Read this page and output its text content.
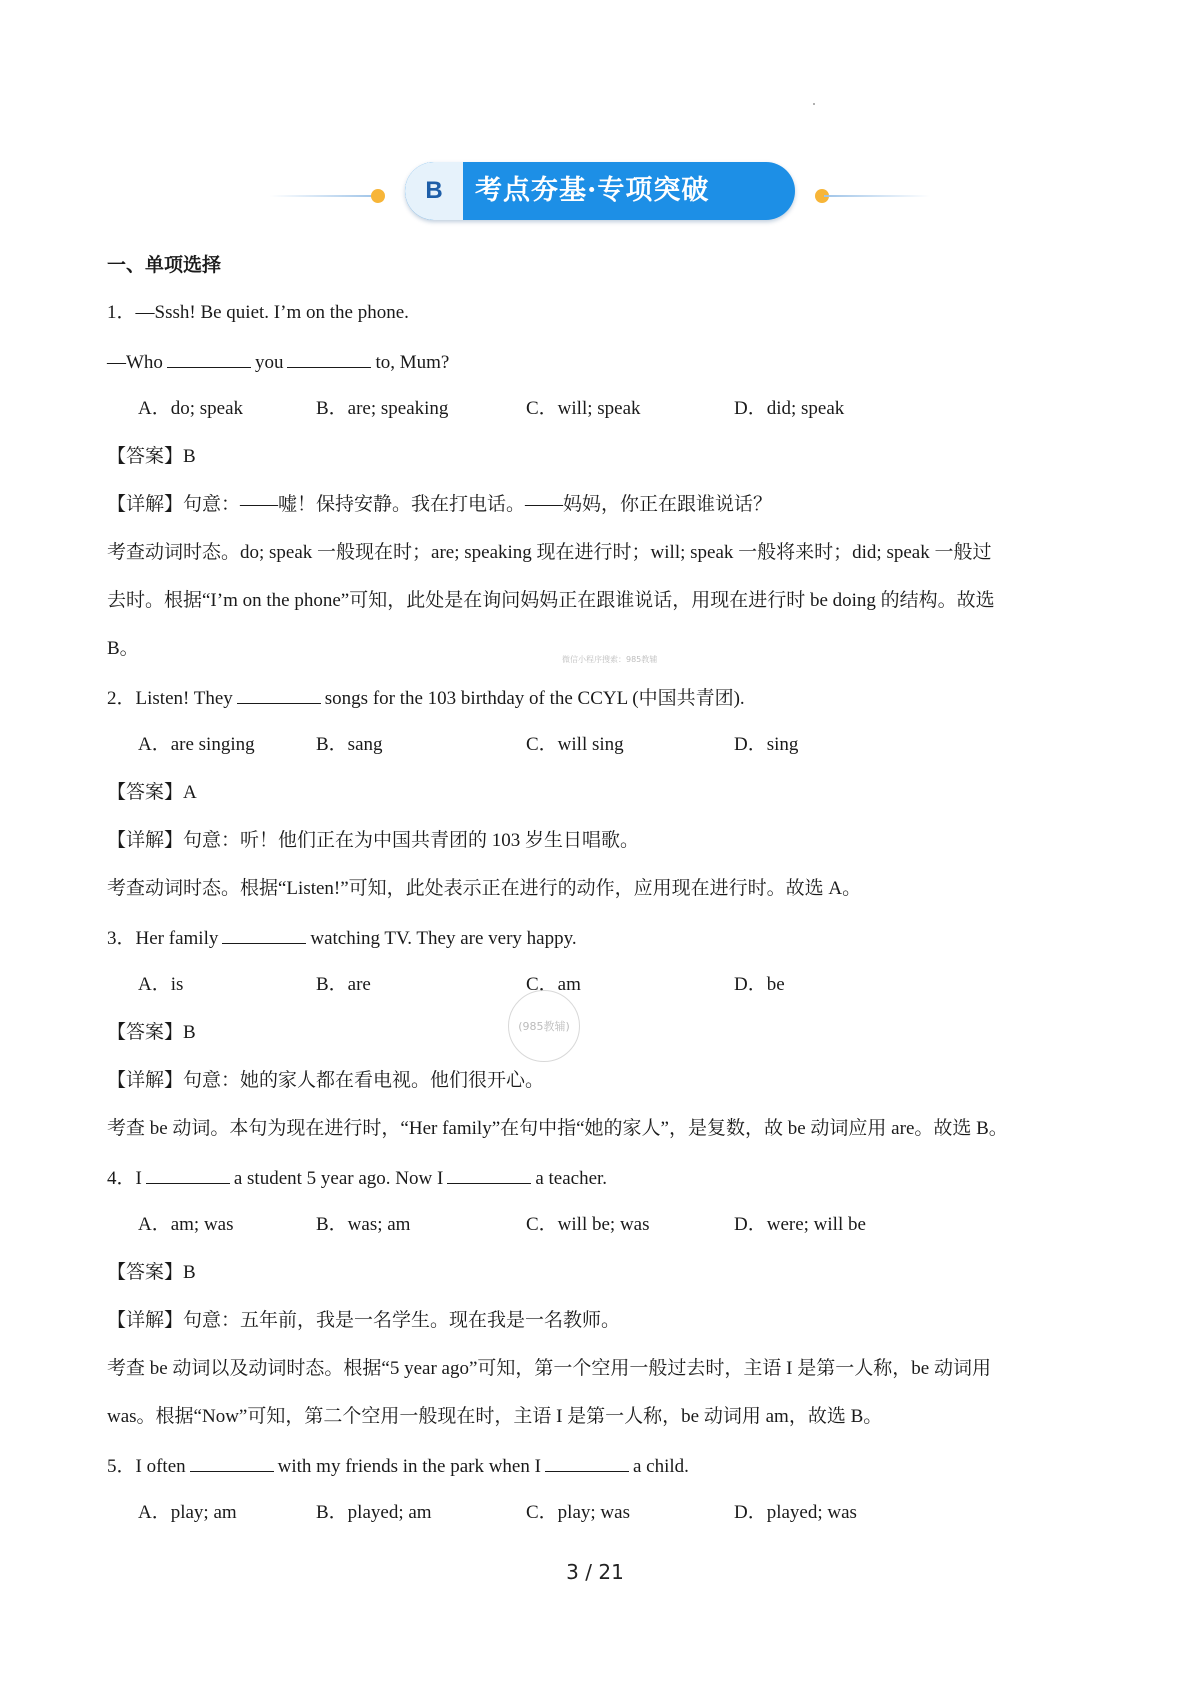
B	考点夯基·专项突破
一、单项选择
1．—Sssh! Be quiet. I’m on the phone.
—Who	you	to, Mum?
A．do; speak	B．are; speaking	C．will; speak	D．did; speak
【答案】B
【详解】句意：——嘘！保持安静。我在打电话。——妈妈，你正在跟谁说话？
考查动词时态。do; speak 一般现在时；are; speaking 现在进行时；will; speak 一般将来时；did; speak 一般过
去时。根据“I’m on the phone”可知，此处是在询问妈妈正在跟谁说话，用现在进行时 be doing 的结构。故选
B。
微信小程序搜索：985教辅
2．Listen! They	songs for the 103 birthday of the CCYL (中国共青团).
A．are singing	B．sang	C．will sing	D．sing
【答案】A
【详解】句意：听！他们正在为中国共青团的 103 岁生日唱歌。
考查动词时态。根据“Listen!”可知，此处表示正在进行的动作，应用现在进行时。故选 A。
3．Her family	watching TV. They are very happy.
A．is	B．are	C．am	D．be
(985教辅)
【答案】B
【详解】句意：她的家人都在看电视。他们很开心。
考查 be 动词。本句为现在进行时，“Her family”在句中指“她的家人”，是复数，故 be 动词应用 are。故选 B。
4．I	a student 5 year ago. Now I	a teacher.
A．am; was	B．was; am	C．will be; was	D．were; will be
【答案】B
【详解】句意：五年前，我是一名学生。现在我是一名教师。
考查 be 动词以及动词时态。根据“5 year ago”可知，第一个空用一般过去时，主语 I 是第一人称，be 动词用
was。根据“Now”可知，第二个空用一般现在时，主语 I 是第一人称，be 动词用 am，故选 B。
5．I often	with my friends in the park when I	a child.
A．play; am	B．played; am	C．play; was	D．played; was
3 / 21
